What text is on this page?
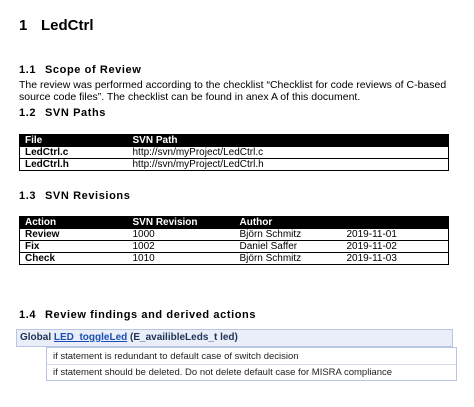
1 LedCtrl
1.1 Scope of Review
The review was performed according to the checklist “Checklist for code reviews of C-based source code files”. The checklist can be found in anex A of this document.
1.2 SVN Paths
File	SVN Path
LedCtrl.c	http://svn/myProject/LedCtrl.c
LedCtrl.h	http://svn/myProject/LedCtrl.h
1.3 SVN Revisions
Action	SVN Revision	Author	
Review	1000	Björn Schmitz	2019-11-01
Fix	1002	Daniel Saffer	2019-11-02
Check	1010	Björn Schmitz	2019-11-03
1.4 Review findings and derived actions
Global LED_toggleLed (E_availibleLeds_t led)
if statement is redundant to default case of switch decision
if statement should be deleted. Do not delete default case for MISRA compliance
